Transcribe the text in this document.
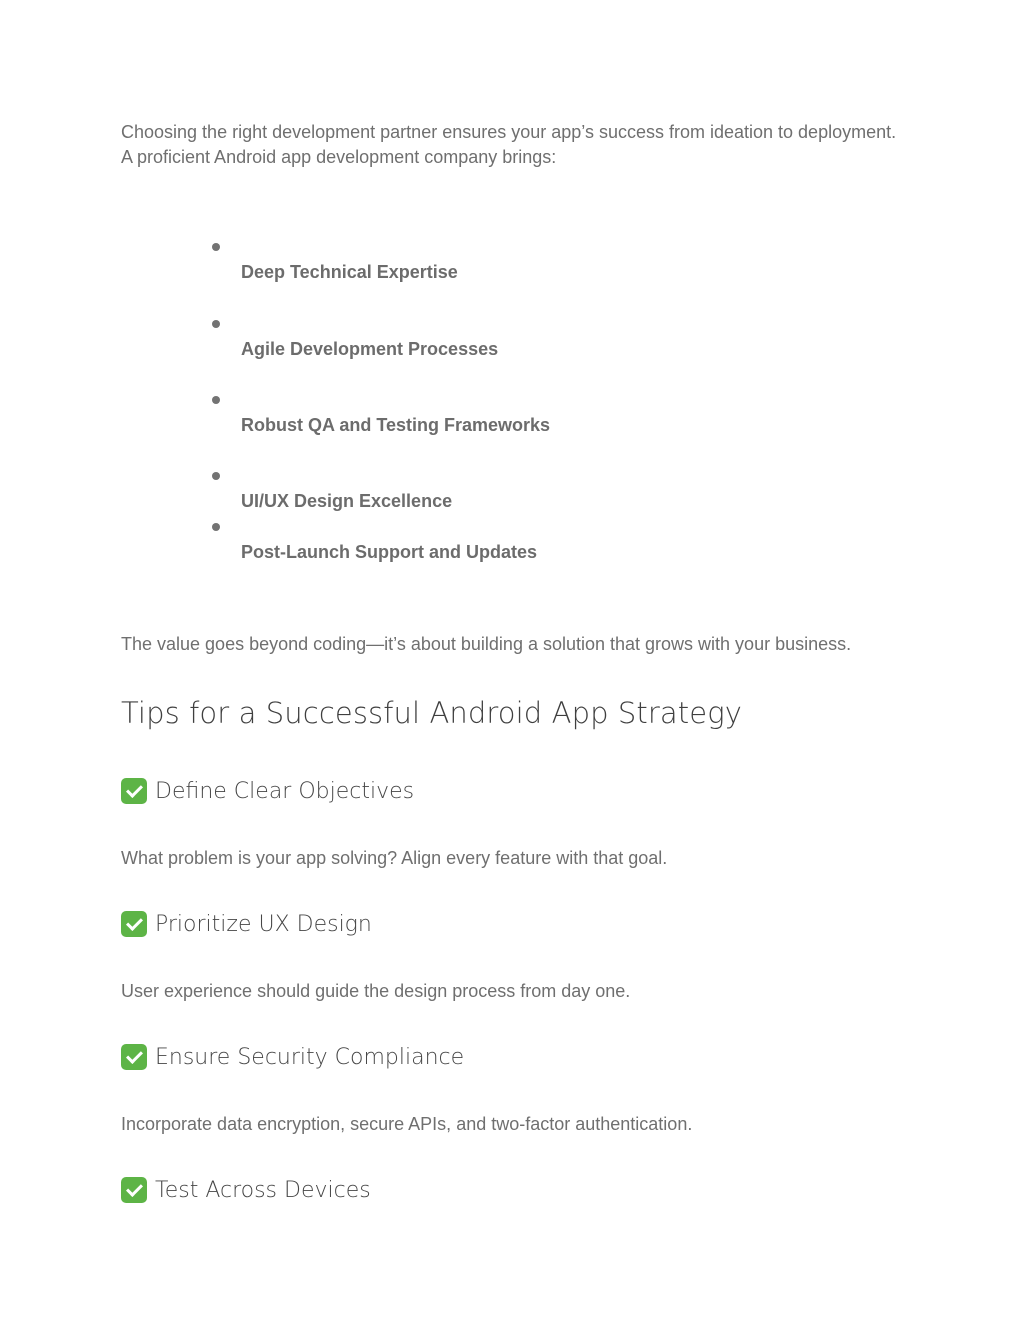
Choosing the right development partner ensures your app’s success from ideation to deployment. A proficient Android app development company brings:

Deep Technical Expertise
Agile Development Processes
Robust QA and Testing Frameworks
UI/UX Design Excellence
Post-Launch Support and Updates

The value goes beyond coding—it’s about building a solution that grows with your business.

Tips for a Successful Android App Strategy
Define Clear Objectives

What problem is your app solving? Align every feature with that goal.

Prioritize UX Design

User experience should guide the design process from day one.

Ensure Security Compliance

Incorporate data encryption, secure APIs, and two-factor authentication.

Test Across Devices
